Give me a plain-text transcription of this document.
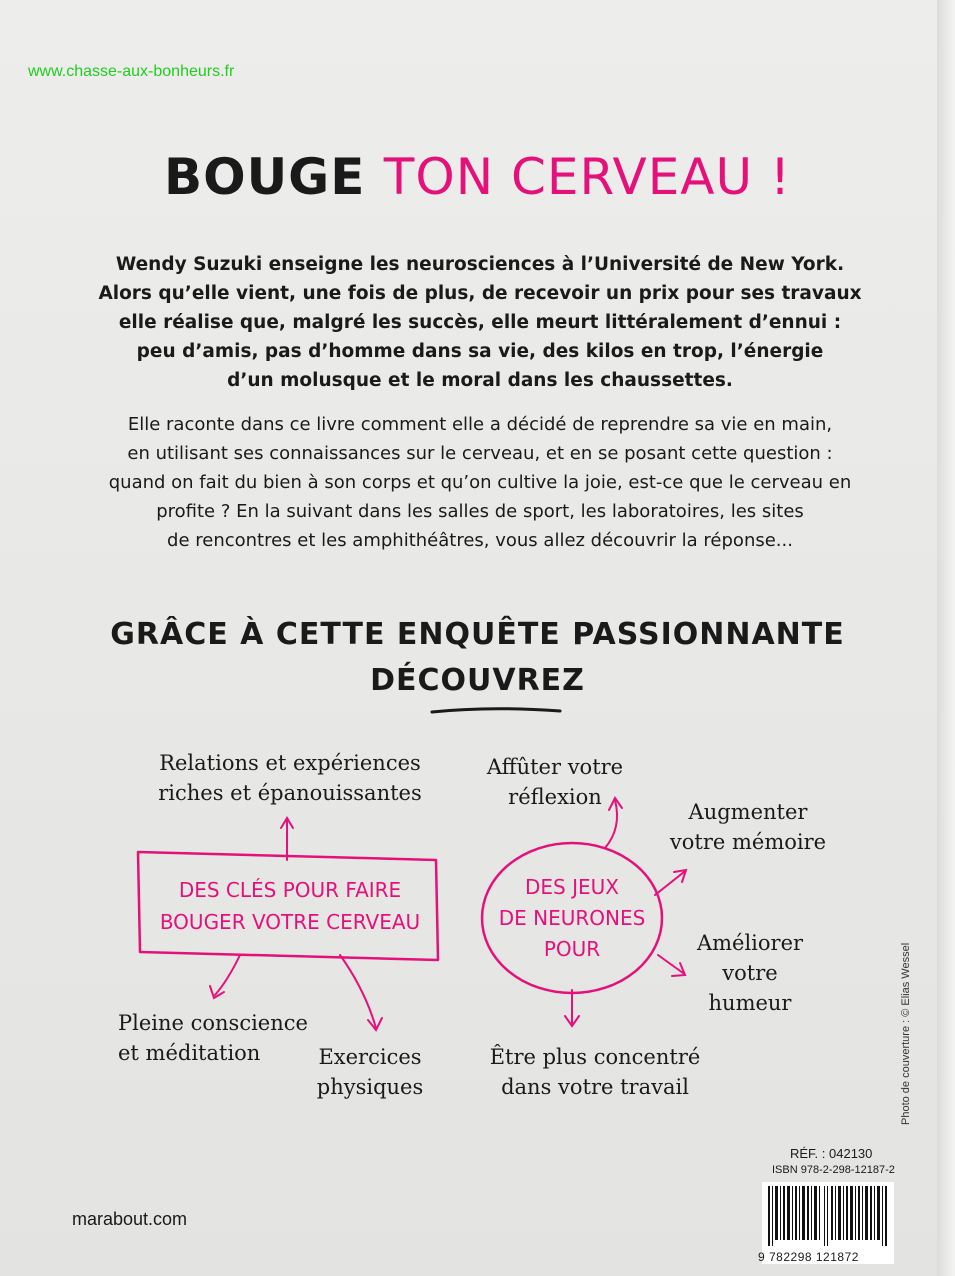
www.chasse-aux-bonheurs.fr
BOUGE TON CERVEAU !
Wendy Suzuki enseigne les neurosciences à l’Université de New York.
Alors qu’elle vient, une fois de plus, de recevoir un prix pour ses travaux
elle réalise que, malgré les succès, elle meurt littéralement d’ennui :
peu d’amis, pas d’homme dans sa vie, des kilos en trop, l’énergie
d’un molusque et le moral dans les chaussettes.
Elle raconte dans ce livre comment elle a décidé de reprendre sa vie en main,
en utilisant ses connaissances sur le cerveau, et en se posant cette question :
quand on fait du bien à son corps et qu’on cultive la joie, est-ce que le cerveau en
profite ? En la suivant dans les salles de sport, les laboratoires, les sites
de rencontres et les amphithéâtres, vous allez découvrir la réponse...
GRÂCE À CETTE ENQUÊTE PASSIONNANTE
DÉCOUVREZ
DES CLÉS POUR FAIRE
BOUGER VOTRE CERVEAU
DES JEUX
DE NEURONES
POUR
Relations et expériences
riches et épanouissantes
Pleine conscience
et méditation	Exercices
physiques
Affûter votre
réflexion
Augmenter
votre mémoire
Améliorer
votre
humeur
Être plus concentré
dans votre travail	Photo de couverture : © Elias Wessel
RÉF. : 042130
ISBN 978-2-298-12187-2
9 782298 121872
marabout.com
